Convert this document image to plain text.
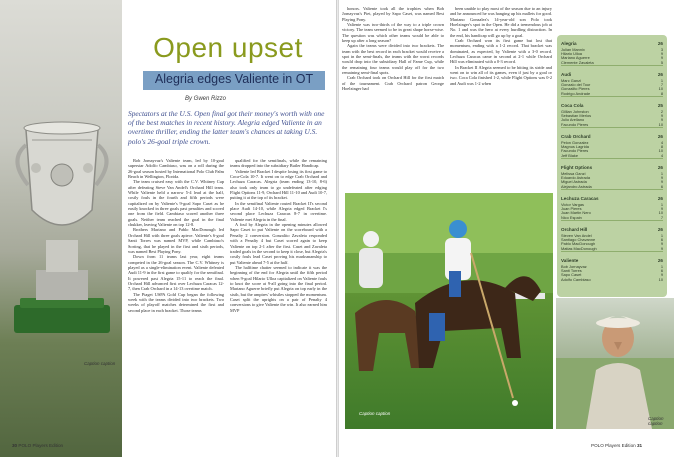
Caption caption
Open upset
Alegria edges Valiente in OT
By Gwen Rizzo

Spectators at the U.S. Open final got their money's worth with one of the best matches in recent history. Alegria edged Valiente in an overtime thriller, ending the latter team's chances at taking U.S. polo's 26-goal triple crown.

Bob Jornayvaz's Valiente team, led by 10-goal superstar Adolfo Cambiaso, was on a roll during the 26-goal season hosted by International Polo Club Palm Beach in Wellington, Florida.

The team cruised easy with the C.V. Whitney Cup after defeating Steve Van Andel's Orchard Hill team. While Valiente held a narrow 5-4 lead at the half, costly fouls in the fourth and fifth periods were capitalized on by Valiente's 9-goal Sapo Caset as he easily knocked in three goals past penalties and scored one from the field. Cambiaso scored another three goals. Neither team reached the goal in the final chukker, leaving Valiente on top 12-8.

Brothers Mariano and Pablo MacDonough led Orchard Hill with three goals apiece. Valiente's 6-goal Santi Torres was named MVP, while Cambiaso's Sorting, that he played in the first and sixth periods, was named Best Playing Pony.

Down from 11 teams last year, eight teams competed in the 26-goal season. The C.V. Whitney is played as a single-elimination event. Valiente defeated Audi 11-9 in the first game to qualify for the semifinal. It powered past Alegria 15-11 to reach the final. Orchard Hill advanced first over Lechuza Caracas 12-7, then Crab Orchard in a 14-13 overtime match.

The Piaget USPA Gold Cup began the following week with the teams divided into two brackets. Two weeks of playoff matches determined the first and second place in each bracket. Those teams

qualified for the semifinals, while the remaining teams dropped into the subsidiary Butler Handicap.

Valiente led Bracket I despite losing its first game to Coca-Cola 10-7. It went on to edge Crab Orchard and Lechuza Caracas. Alegria (team ending 13-10, 8-6) also took only team to go undefeated after edging Flight Options 11-9, Orchard Hill 11-10 and Audi 10-7, putting it at the top of its bracket.

In the semifinal Valiente routed Bracket II's second place Audi 14-10, while Alegria edged Bracket I's second place Lechuza Caracas 8-7 in overtime. Valiente met Alegria in the final.

A foul by Alegria in the opening minutes allowed Sapo Caset to put Valiente on the scoreboard with a Penalty 2 conversion. Gonzalito Zavaleta responded with a Penalty 4 but Caset scored again to keep Valiente on top 2-1 after the first. Caset and Zavaleta traded goals in the second to keep it close, but Alegria's costly fouls lead Caset proving his marksmanship to put Valiente ahead 7-5 at the half.

The halftime chatter seemed to indicate it was the beginning of the end for Alegria until the fifth period when 9-goal Hilario Ulloa capitalized on Valiente fouls to knot the score at 9-all going into the final period. Mariano Aguerre briefly put Alegria on top early in the sixth, but the umpires' whistles stopped the momentum. Caset split the uprights on a pair of Penalty 4 conversions to give Valiente the win. It also earned him MVP

30 POLO Players Edition

honors. Valiente took all the trophies when Bob Jornayvaz's Piet, played by Sapo Caset, was named Best Playing Pony.

Valiente was two-thirds of the way to a triple crown victory. The team seemed to be in great shape horse-wise. The question was which other teams would be able to keep up after a long season?

Again the teams were divided into two brackets. The team with the best record in each bracket would receive a spot in the semi-finals, the teams with the worst records would drop into the subsidiary Hall of Fame Cup, while the remaining four teams would play off for the two remaining semi-final spots.

Crab Orchard took on Orchard Hill for the first match of the tournament. Crab Orchard patron George Hoelzinger had

been unable to play most of the season due to an injury and he announced he was hanging up his mallets for good. Mariano Gonzalez's 14-year-old son Polo took Hoelzinger's spot in the Open. He did a tremendous job at No. 1 and was the hero at every hurdling distraction. In the end, his handicap will go up by a goal.

Crab Orchard won its first game but lost that momentum, ending with a 1-2 record. That bracket was dominated, as expected, by Valiente with a 3-0 record. Lechuza Caracas came in second at 2-1 while Orchard Hill was eliminated with a 0-3 record.

In Bracket II Alegria seemed to be hitting its stride and went on to win all of its games, even if just by a goal or two. Coca Cola finished 1-2, while Flight Options was 0-2 and Audi was 1-2 when

Alegria	26
Julian Mannix	3
Hilario Ulloa	9
Mariano Aguerre	9
Clemente Zavaleta	5
Audi	26
Marc Ganzi	1
Gonzalo del Tour	7
Gonzalito Pieres	10
Rodrigo Andrade	8
Coca Cola	25
Gillian Johnston	2
Sebastian Merlos	9
Julio Arellano	9
Facundo Pieres	10
Crab Orchard	26
Pelon Gonzalez	4
Magnus Lagrida	8
Facundo Pieres	10
Jeff Blake	4
Flight Options	26
Melissa Ganzi	1
Eduardo Astrada	9
Miguel Astrada	9
Alejandro Astrada	6
Lechuza Caracas	26
Victor Vargas	1
Juan Pieres	9
Juan Martin Nero	10
Nico Espain	7
Orchard Hill	26
Steven Van Andel	1
Santiago Chavanne	6
Pablo MacDonough	9
Matias MacDonough	9
Valiente	26
Bob Jornayvaz	1
Santi Torres	6
Sapo Caset	9
Adolfo Cambiaso	10
Caption caption
Caption caption
POLO Players Edition 31
